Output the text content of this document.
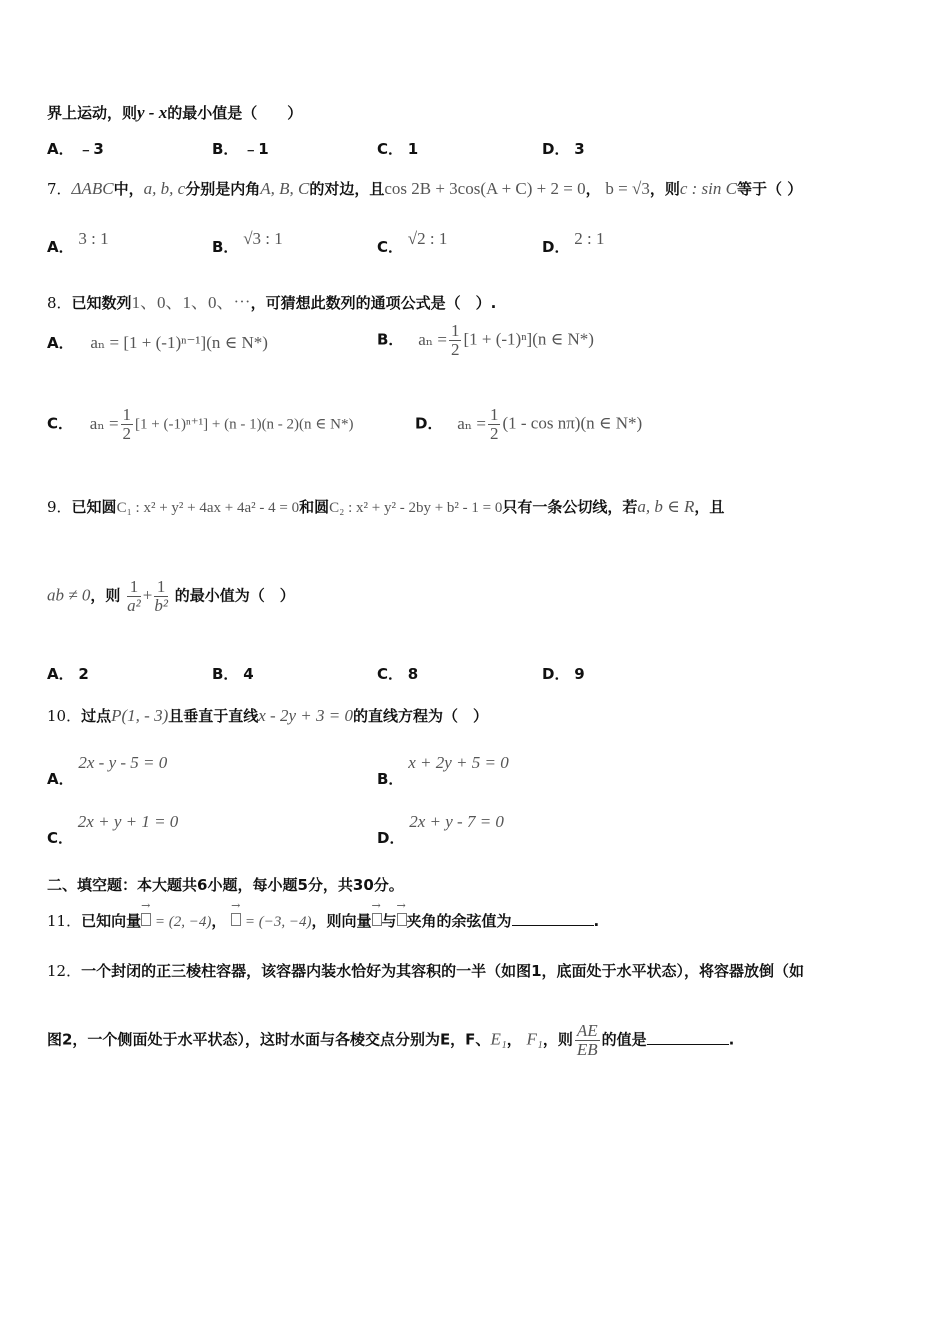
界上运动，则y - x的最小值是（　　）
A． ﹣3	B． ﹣1	C． 1	D． 3
7．ΔABC中，a, b, c分别是内角A, B, C的对边，且cos 2B + 3cos(A + C) + 2 = 0， b = √3，则c : sin C等于（ ）
A． 3 : 1	B． √3 : 1	C． √2 : 1	D． 2 : 1
8．已知数列1、0、1、0、⋯，可猜想此数列的通项公式是（　）.
A． aₙ = [1 + (-1)ⁿ⁻¹](n ∈ N*)	B． $a_n = \frac{1}{2} [1 + (-1)^n](n$ ∈ N*)
C． $a_n = \frac{1}{2} [1 + (-1)^{n+1}] + (n - 1)(n - 2)(n$ ∈ N*)	D． $a_n = \frac{1}{2} (1 - \cos n\pi)(n$ ∈ N*)
9．已知圆C₁ : x² + y² + 4ax + 4a² - 4 = 0和圆C₂ : x² + y² - 2by + b² - 1 = 0只有一条公切线，若a, b ∈ R，且
ab ≠ 0，则 $\frac{1}{\text{a²}} + \frac{1}{\text{b²}}$ 的最小值为（　）
A． 2	B． 4	C． 8	D． 9
10．过点P(1, - 3)且垂直于直线x - 2y + 3 = 0的直线方程为（　）
A． 2x - y - 5 = 0
B． x + 2y + 5 = 0
C． 2x + y + 1 = 0
D． 2x + y - 7 = 0
二、填空题：本大题共6小题，每小题5分，共30分。
11．已知向量→  = (2, −4)， →  = (−3, −4)，则向量 → 与 → 夹角的余弦值为	.
12．一个封闭的正三棱柱容器，该容器内装水恰好为其容积的一半（如图1，底面处于水平状态），将容器放倒（如
图2，一个侧面处于水平状态），这时水面与各棱交点分别为E，F、E₁， F₁，则 $\frac{AE}{EB}$ 的值是	.
